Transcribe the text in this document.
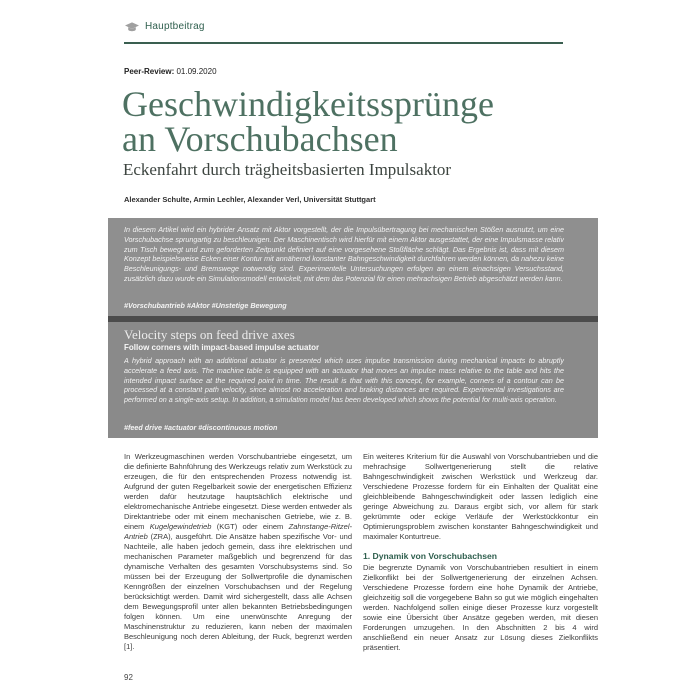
Hauptbeitrag
Peer-Review: 01.09.2020
Geschwindigkeitssprünge
an Vorschubachsen
Eckenfahrt durch trägheitsbasierten Impulsaktor
Alexander Schulte, Armin Lechler, Alexander Verl, Universität Stuttgart

In diesem Artikel wird ein hybrider Ansatz mit Aktor vorgestellt, der die Impulsübertragung bei mechanischen Stößen ausnutzt, um eine Vorschubachse sprungartig zu beschleunigen. Der Maschinentisch wird hierfür mit einem Aktor ausgestattet, der eine Impulsmasse relativ zum Tisch bewegt und zum geforderten Zeitpunkt definiert auf eine vorgesehene Stoßfläche schlägt. Das Ergebnis ist, dass mit diesem Konzept beispielsweise Ecken einer Kontur mit annähernd konstanter Bahngeschwindigkeit durchfahren werden können, da nahezu keine Beschleunigungs- und Bremswege notwendig sind. Experimentelle Untersuchungen erfolgen an einem einachsigen Versuchsstand, zusätzlich dazu wurde ein Simulationsmodell entwickelt, mit dem das Potenzial für einen mehrachsigen Betrieb abgeschätzt werden kann.

#Vorschubantrieb #Aktor #Unstetige Bewegung

Velocity steps on feed drive axes
Follow corners with impact-based impulse actuator

A hybrid approach with an additional actuator is presented which uses impulse transmission during mechanical impacts to abruptly accelerate a feed axis. The machine table is equipped with an actuator that moves an impulse mass relative to the table and hits the intended impact surface at the required point in time. The result is that with this concept, for example, corners of a contour can be processed at a constant path velocity, since almost no acceleration and braking distances are required. Experimental investigations are performed on a single-axis setup. In addition, a simulation model has been developed which shows the potential for multi-axis operation.

#feed drive #actuator #discontinuous motion

In Werkzeugmaschinen werden Vorschubantriebe eingesetzt, um die definierte Bahnführung des Werkzeugs relativ zum Werkstück zu erzeugen, die für den entsprechenden Prozess notwendig ist. Aufgrund der guten Regelbarkeit sowie der energetischen Effizienz werden dafür heutzutage hauptsächlich elektrische und elektromechanische Antriebe eingesetzt. Diese werden entweder als Direktantriebe oder mit einem mechanischen Getriebe, wie z. B. einem Kugelgewindetrieb (KGT) oder einem Zahnstange-Ritzel-Antrieb (ZRA), ausgeführt. Die Ansätze haben spezifische Vor- und Nachteile, alle haben jedoch gemein, dass ihre elektrischen und mechanischen Parameter maßgeblich und begrenzend für das dynamische Verhalten des gesamten Vorschubsystems sind. So müssen bei der Erzeugung der Sollwertprofile die dynamischen Kenngrößen der einzelnen Vorschubachsen und der Regelung berücksichtigt werden. Damit wird sichergestellt, dass alle Achsen dem Bewegungsprofil unter allen bekannten Betriebsbedingungen folgen können. Um eine unerwünschte Anregung der Maschinenstruktur zu reduzieren, kann neben der maximalen Beschleunigung noch deren Ableitung, der Ruck, begrenzt werden [1].

Ein weiteres Kriterium für die Auswahl von Vorschubantrieben und die mehrachsige Sollwertgenerierung stellt die relative Bahngeschwindigkeit zwischen Werkstück und Werkzeug dar. Verschiedene Prozesse fordern für ein Einhalten der Qualität eine gleichbleibende Bahngeschwindigkeit oder lassen lediglich eine geringe Abweichung zu. Daraus ergibt sich, vor allem für stark gekrümmte oder eckige Verläufe der Werkstückkontur ein Optimierungsproblem zwischen konstanter Bahngeschwindigkeit und maximaler Konturtreue.

1. Dynamik von Vorschubachsen

Die begrenzte Dynamik von Vorschubantrieben resultiert in einem Zielkonflikt bei der Sollwertgenerierung der einzelnen Achsen. Verschiedene Prozesse fordern eine hohe Dynamik der Antriebe, gleichzeitig soll die vorgegebene Bahn so gut wie möglich eingehalten werden. Nachfolgend sollen einige dieser Prozesse kurz vorgestellt sowie eine Übersicht über Ansätze gegeben werden, mit diesen Forderungen umzugehen. In den Abschnitten 2 bis 4 wird anschließend ein neuer Ansatz zur Lösung dieses Zielkonflikts präsentiert.

92
